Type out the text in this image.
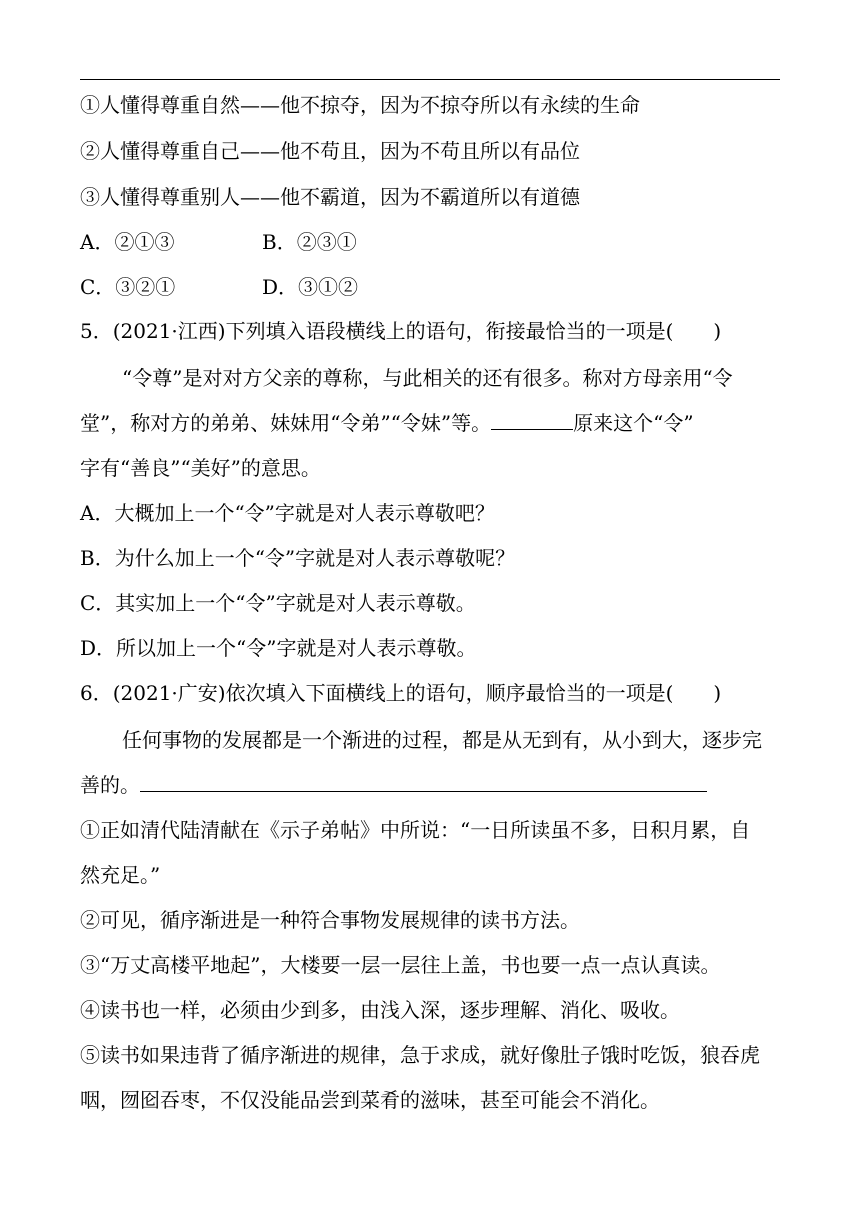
①人懂得尊重自然——他不掠夺，因为不掠夺所以有永续的生命
②人懂得尊重自己——他不苟且，因为不苟且所以有品位
③人懂得尊重别人——他不霸道，因为不霸道所以有道德
A．②①③	B．②③①
C．③②①	D．③①②
5．(2021·江西)下列填入语段横线上的语句，衔接最恰当的一项是(　　)
“令尊”是对对方父亲的尊称，与此相关的还有很多。称对方母亲用“令
堂”，称对方的弟弟、妹妹用“令弟”“令妹”等。	原来这个“令”
字有“善良”“美好”的意思。
A．大概加上一个“令”字就是对人表示尊敬吧？
B．为什么加上一个“令”字就是对人表示尊敬呢？
C．其实加上一个“令”字就是对人表示尊敬。
D．所以加上一个“令”字就是对人表示尊敬。
6．(2021·广安)依次填入下面横线上的语句，顺序最恰当的一项是(　　)
任何事物的发展都是一个渐进的过程，都是从无到有，从小到大，逐步完
善的。
①正如清代陆清献在《示子弟帖》中所说：“一日所读虽不多，日积月累，自
然充足。”
②可见，循序渐进是一种符合事物发展规律的读书方法。
③“万丈高楼平地起”，大楼要一层一层往上盖，书也要一点一点认真读。
④读书也一样，必须由少到多，由浅入深，逐步理解、消化、吸收。
⑤读书如果违背了循序渐进的规律，急于求成，就好像肚子饿时吃饭，狼吞虎
咽，囫囵吞枣，不仅没能品尝到菜肴的滋味，甚至可能会不消化。
